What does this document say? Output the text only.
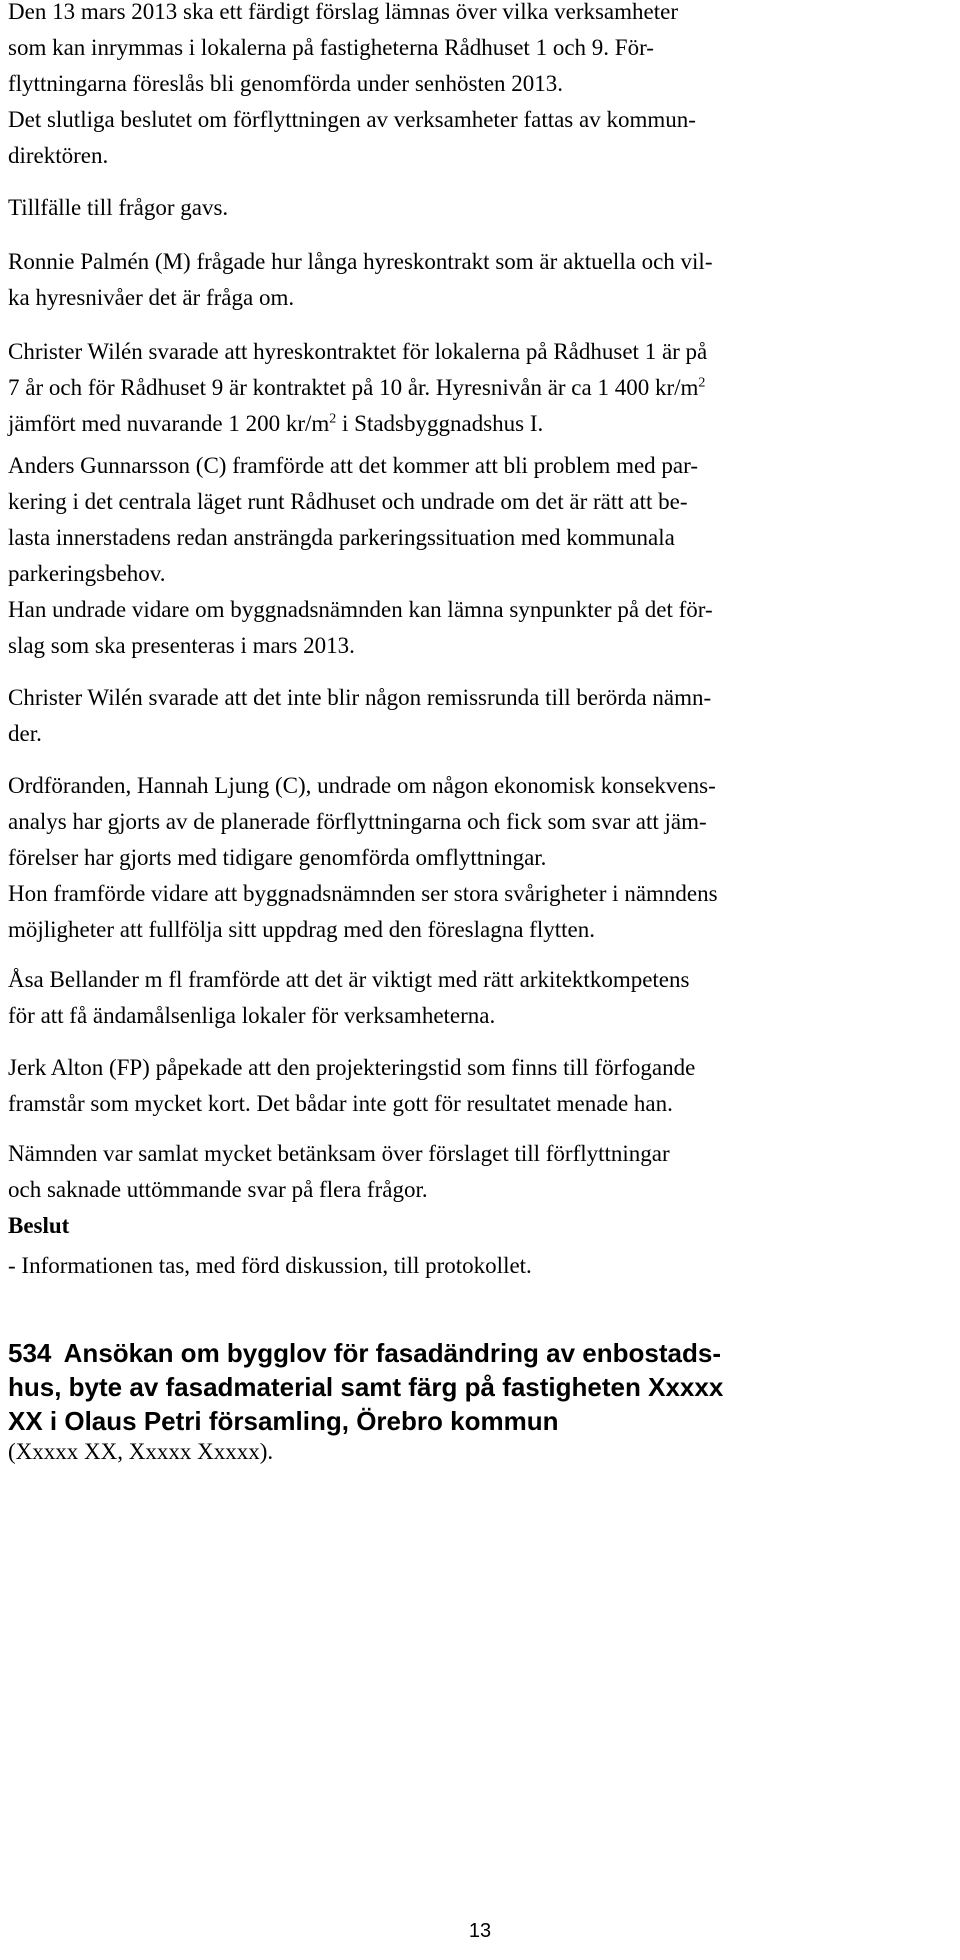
Den 13 mars 2013 ska ett färdigt förslag lämnas över vilka verksamheter
som kan inrymmas i lokalerna på fastigheterna Rådhuset 1 och 9. För-
flyttningarna föreslås bli genomförda under senhösten 2013.
Det slutliga beslutet om förflyttningen av verksamheter fattas av kommun-
direktören.
Tillfälle till frågor gavs.
Ronnie Palmén (M) frågade hur långa hyreskontrakt som är aktuella och vil-
ka hyresnivåer det är fråga om.
Christer Wilén svarade att hyreskontraktet för lokalerna på Rådhuset 1 är på
7 år och för Rådhuset 9 är kontraktet på 10 år. Hyresnivån är ca 1 400 $kr/m^2$
jämfört med nuvarande 1 200 $kr/m^2$ i Stadsbyggnadshus I.
Anders Gunnarsson (C) framförde att det kommer att bli problem med par-
kering i det centrala läget runt Rådhuset och undrade om det är rätt att be-
lasta innerstadens redan ansträngda parkeringssituation med kommunala
parkeringsbehov.
Han undrade vidare om byggnadsnämnden kan lämna synpunkter på det för-
slag som ska presenteras i mars 2013.
Christer Wilén svarade att det inte blir någon remissrunda till berörda nämn-
der.
Ordföranden, Hannah Ljung (C), undrade om någon ekonomisk konsekvens-
analys har gjorts av de planerade förflyttningarna och fick som svar att jäm-
förelser har gjorts med tidigare genomförda omflyttningar.
Hon framförde vidare att byggnadsnämnden ser stora svårigheter i nämndens
möjligheter att fullfölja sitt uppdrag med den föreslagna flytten.
Åsa Bellander m fl framförde att det är viktigt med rätt arkitektkompetens
för att få ändamålsenliga lokaler för verksamheterna.
Jerk Alton (FP) påpekade att den projekteringstid som finns till förfogande
framstår som mycket kort. Det bådar inte gott för resultatet menade han.
Nämnden var samlat mycket betänksam över förslaget till förflyttningar
och saknade uttömmande svar på flera frågor.
Beslut
- Informationen tas, med förd diskussion, till protokollet.
534 Ansökan om bygglov för fasadändring av enbostads-
hus, byte av fasadmaterial samt färg på fastigheten Xxxxx
XX i Olaus Petri församling, Örebro kommun
(Xxxxx XX, Xxxxx Xxxxx).
13
